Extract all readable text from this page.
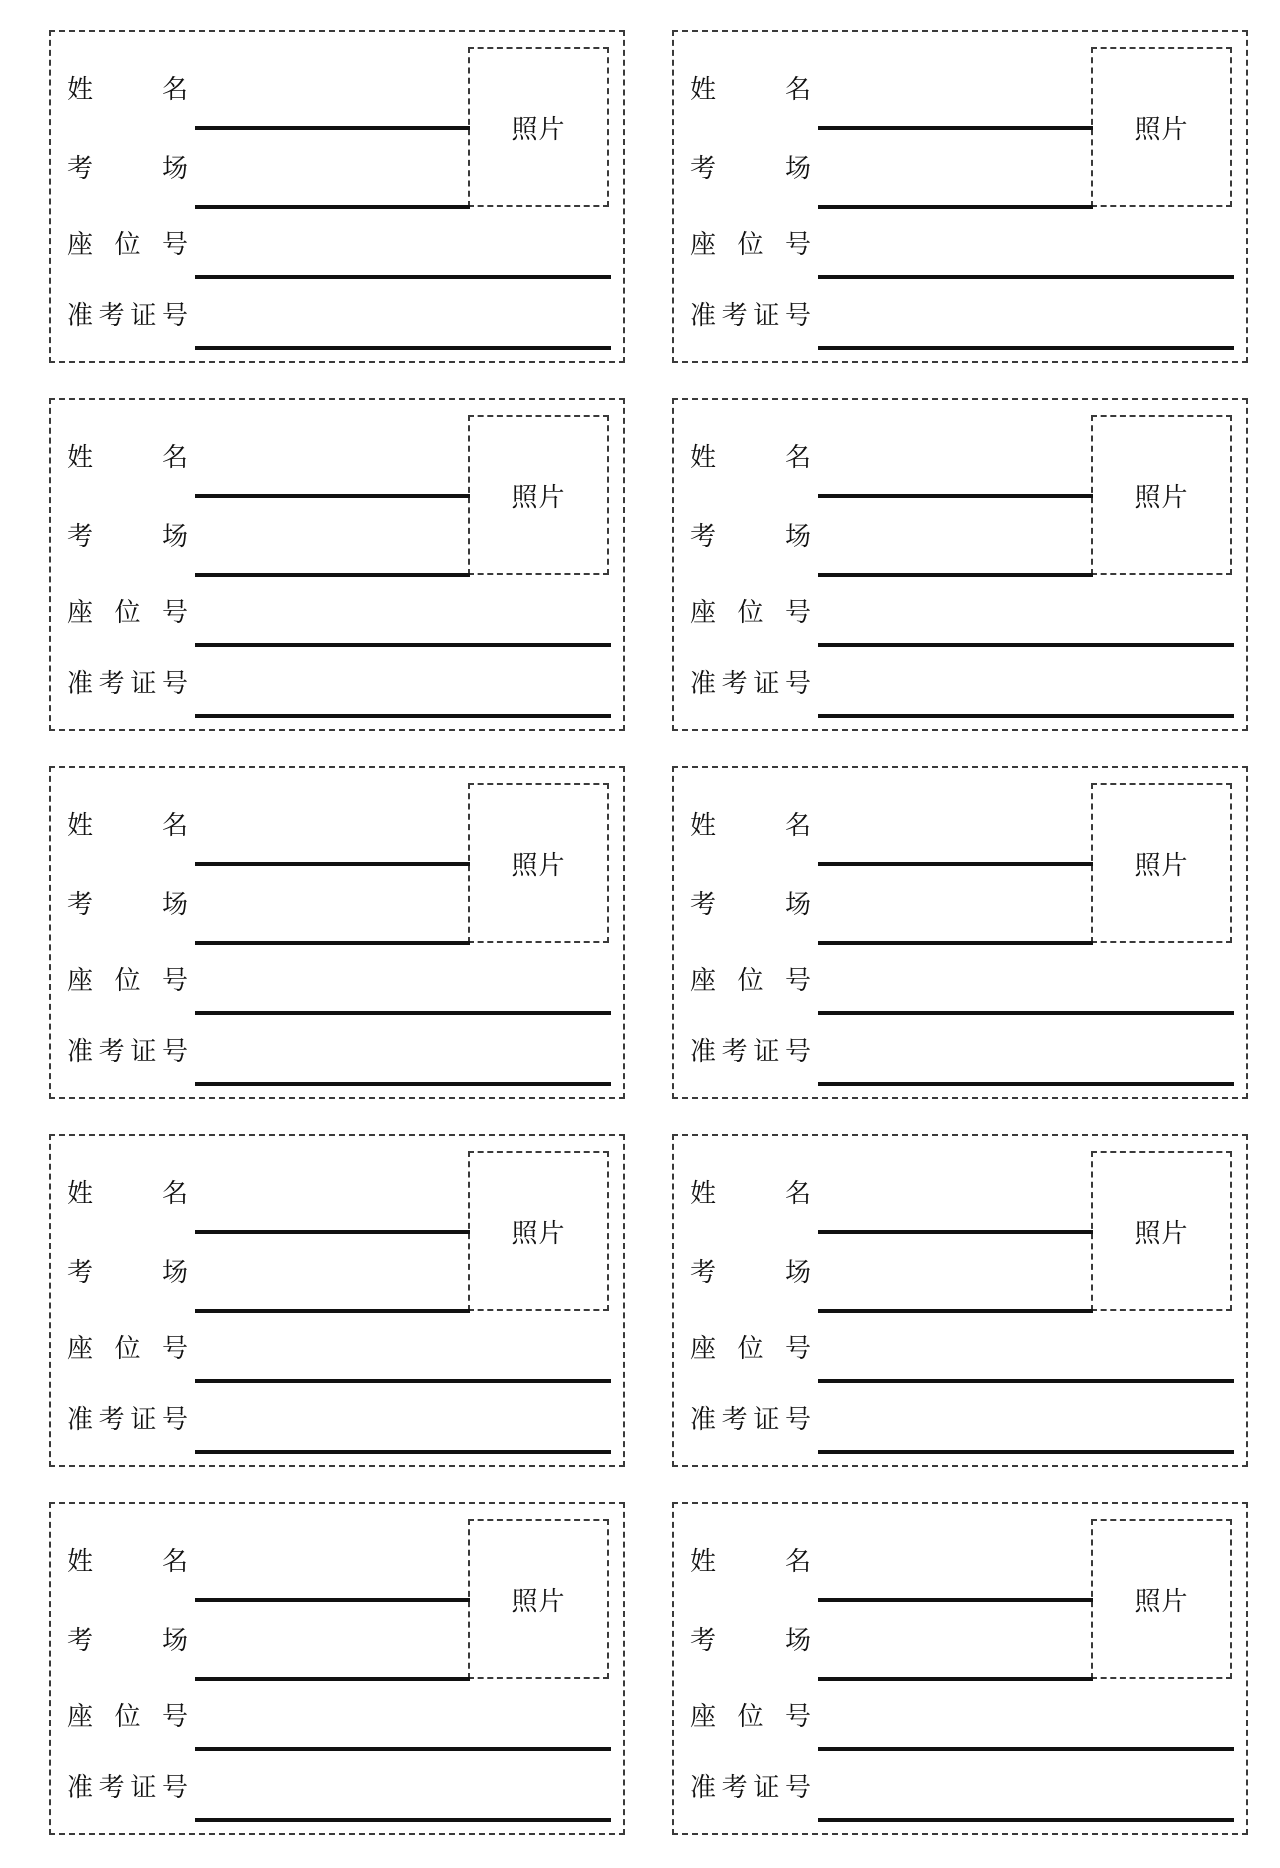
照片
姓	名
考	场
座 位 号
准 考 证 号
照片
姓	名
考	场
座 位 号
准 考 证 号
照片
姓	名
考	场
座 位 号
准 考 证 号
照片
姓	名
考	场
座 位 号
准 考 证 号
照片
姓	名
考	场
座 位 号
准 考 证 号
照片
姓	名
考	场
座 位 号
准 考 证 号
照片
姓	名
考	场
座 位 号
准 考 证 号
照片
姓	名
考	场
座 位 号
准 考 证 号
照片
姓	名
考	场
座 位 号
准 考 证 号
照片
姓	名
考	场
座 位 号
准 考 证 号
